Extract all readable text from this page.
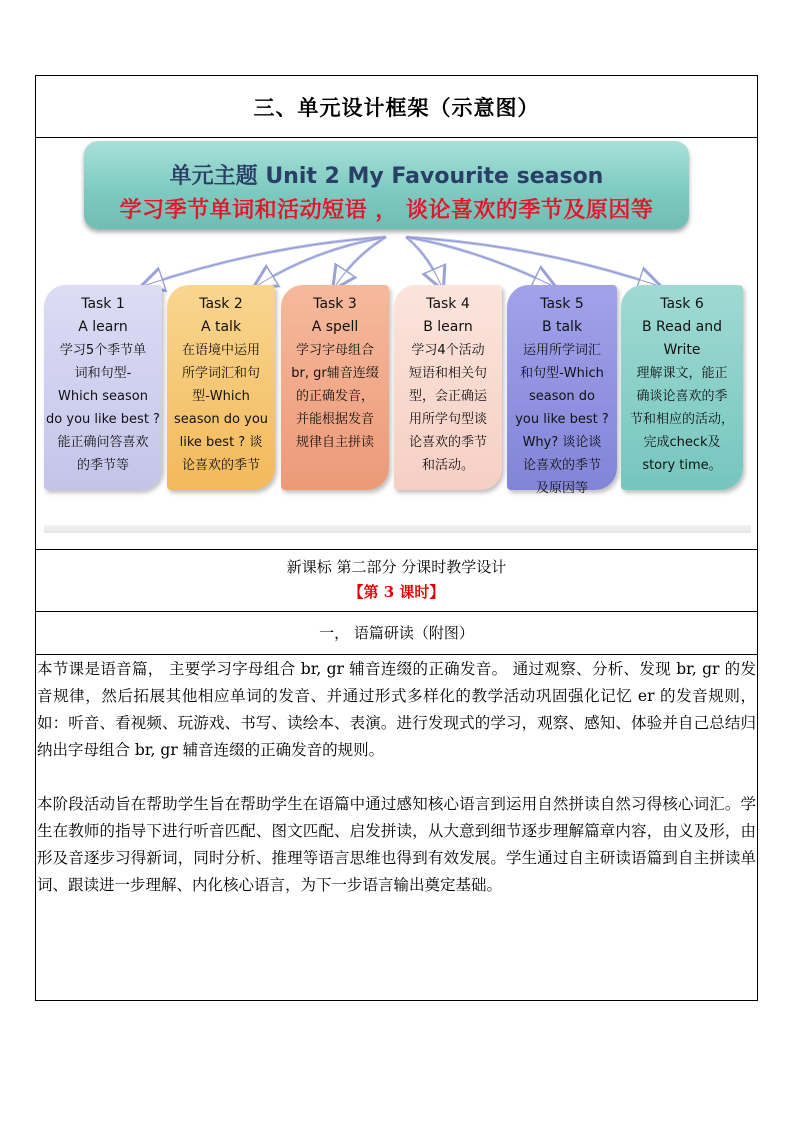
三、单元设计框架（示意图）
单元主题 Unit 2 My Favourite season
学习季节单词和活动短语 ， 谈论喜欢的季节及原因等
Task 1
A learn
学习5个季节单
词和句型-
Which season
do you like best ?
能正确问答喜欢
的季节等
Task 2
A talk
在语境中运用
所学词汇和句
型-Which
season do you
like best ? 谈
论喜欢的季节
Task 3
A spell
学习字母组合
br, gr辅音连缀
的正确发音，
并能根据发音
规律自主拼读
Task 4
B learn
学习4个活动
短语和相关句
型，会正确运
用所学句型谈
论喜欢的季节
和活动。
Task 5
B talk
运用所学词汇
和句型-Which
season do
you like best ?
Why? 谈论谈
论喜欢的季节
及原因等
Task 6
B Read and
Write
理解课文，能正
确谈论喜欢的季
节和相应的活动，
完成check及
story time。
新课标 第二部分 分课时教学设计
【第 3 课时】
一， 语篇研读（附图）

本节课是语音篇， 主要学习字母组合 br, gr 辅音连缀的正确发音。 通过观察、分析、发现 br, gr 的发音规律，然后拓展其他相应单词的发音、并通过形式多样化的教学活动巩固强化记忆 er 的发音规则，如：听音、看视频、玩游戏、书写、读绘本、表演。进行发现式的学习，观察、感知、体验并自己总结归纳出字母组合 br, gr 辅音连缀的正确发音的规则。

本阶段活动旨在帮助学生旨在帮助学生在语篇中通过感知核心语言到运用自然拼读自然习得核心词汇。学生在教师的指导下进行听音匹配、图文匹配、启发拼读，从大意到细节逐步理解篇章内容，由义及形，由形及音逐步习得新词，同时分析、推理等语言思维也得到有效发展。学生通过自主研读语篇到自主拼读单词、跟读进一步理解、内化核心语言，为下一步语言输出奠定基础。
